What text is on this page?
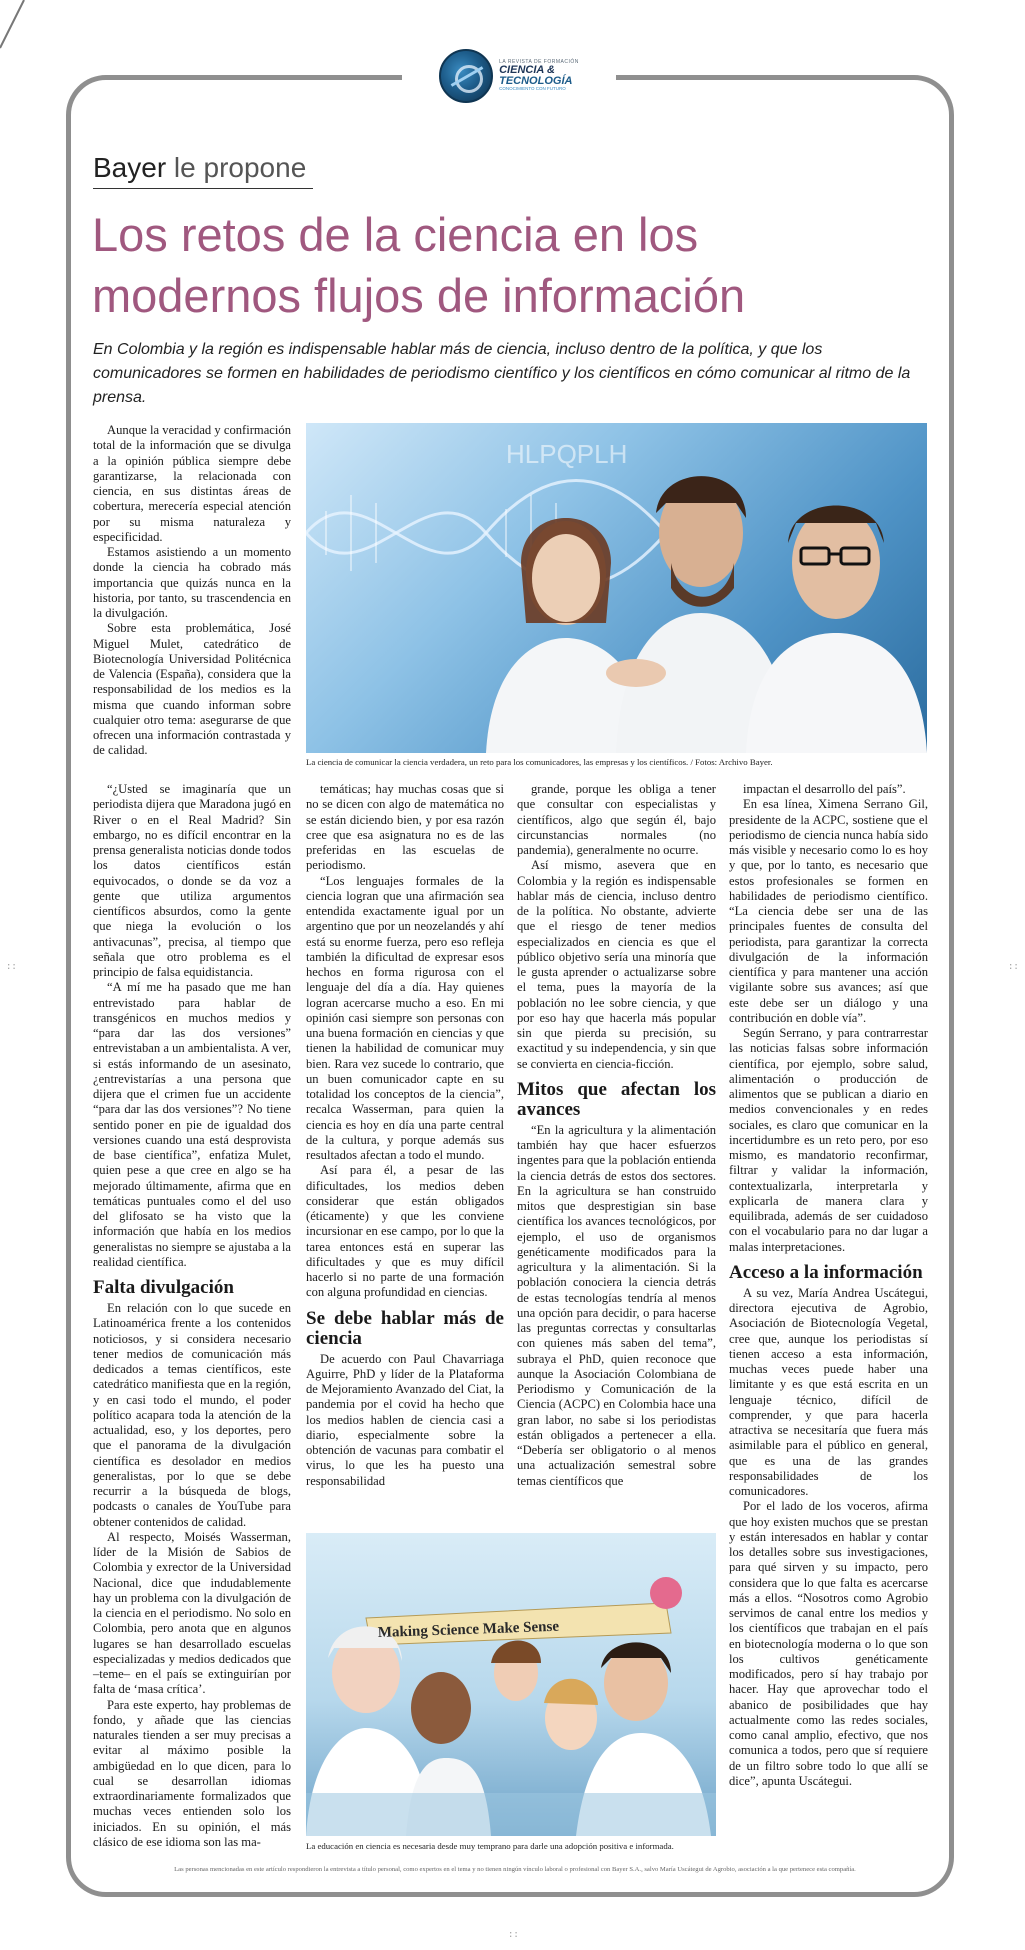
LA REVISTA DE FORMACIÓN
CIENCIA &
TECNOLOGÍA
CONOCIMIENTO CON FUTURO
Bayer le propone
Los retos de la ciencia en los modernos flujos de información

En Colombia y la región es indispensable hablar más de ciencia, incluso dentro de la política, y que los comunicadores se formen en habilidades de periodismo científico y los científicos en cómo comunicar al ritmo de la prensa.

Aunque la veracidad y confirmación total de la información que se divulga a la opinión pública siempre debe garantizarse, la relacionada con ciencia, en sus distintas áreas de cobertura, merecería especial atención por su misma naturaleza y especificidad.

Estamos asistiendo a un momento donde la ciencia ha cobrado más importancia que quizás nunca en la historia, por tanto, su trascendencia en la divulgación.

Sobre esta problemática, José Miguel Mulet, catedrático de Biotecnología Universidad Politécnica de Valencia (España), considera que la responsabilidad de los medios es la misma que cuando informan sobre cualquier otro tema: asegurarse de que ofrecen una información contrastada y de calidad.

“¿Usted se imaginaría que un periodista dijera que Maradona jugó en River o en el Real Madrid? Sin embargo, no es difícil encontrar en la prensa generalista noticias donde todos los datos científicos están equivocados, o donde se da voz a gente que utiliza argumentos científicos absurdos, como la gente que niega la evolución o los antivacunas”, precisa, al tiempo que señala que otro problema es el principio de falsa equidistancia.

“A mí me ha pasado que me han entrevistado para hablar de transgénicos en muchos medios y “para dar las dos versiones” entrevistaban a un ambientalista. A ver, si estás informando de un asesinato, ¿entrevistarías a una persona que dijera que el crimen fue un accidente “para dar las dos versiones”? No tiene sentido poner en pie de igualdad dos versiones cuando una está desprovista de base científica”, enfatiza Mulet, quien pese a que cree en algo se ha mejorado últimamente, afirma que en temáticas puntuales como el del uso del glifosato se ha visto que la información que había en los medios generalistas no siempre se ajustaba a la realidad científica.

Falta divulgación

En relación con lo que sucede en Latinoamérica frente a los contenidos noticiosos, y si considera necesario tener medios de comunicación más dedicados a temas científicos, este catedrático manifiesta que en la región, y en casi todo el mundo, el poder político acapara toda la atención de la actualidad, eso, y los deportes, pero que el panorama de la divulgación científica es desolador en medios generalistas, por lo que se debe recurrir a la búsqueda de blogs, podcasts o canales de YouTube para obtener contenidos de calidad.

Al respecto, Moisés Wasserman, líder de la Misión de Sabios de Colombia y exrector de la Universidad Nacional, dice que indudablemente hay un problema con la divulgación de la ciencia en el periodismo. No solo en Colombia, pero anota que en algunos lugares se han desarrollado escuelas especializadas y medios dedicados que –teme– en el país se extinguirían por falta de ‘masa crítica’.

Para este experto, hay problemas de fondo, y añade que las ciencias naturales tienden a ser muy precisas a evitar al máximo posible la ambigüedad en lo que dicen, para lo cual se desarrollan idiomas extraordinariamente formalizados que muchas veces entienden solo los iniciados. En su opinión, el más clásico de ese idioma son las ma-

HLPQPLH

La ciencia de comunicar la ciencia verdadera, un reto para los comunicadores, las empresas y los científicos. / Fotos: Archivo Bayer.

temáticas; hay muchas cosas que si no se dicen con algo de matemática no se están diciendo bien, y por esa razón cree que esa asignatura no es de las preferidas en las escuelas de periodismo.

“Los lenguajes formales de la ciencia logran que una afirmación sea entendida exactamente igual por un argentino que por un neozelandés y ahí está su enorme fuerza, pero eso refleja también la dificultad de expresar esos hechos en forma rigurosa con el lenguaje del día a día. Hay quienes logran acercarse mucho a eso. En mi opinión casi siempre son personas con una buena formación en ciencias y que tienen la habilidad de comunicar muy bien. Rara vez sucede lo contrario, que un buen comunicador capte en su totalidad los conceptos de la ciencia”, recalca Wasserman, para quien la ciencia es hoy en día una parte central de la cultura, y porque además sus resultados afectan a todo el mundo.

Así para él, a pesar de las dificultades, los medios deben considerar que están obligados (éticamente) y que les conviene incursionar en ese campo, por lo que la tarea entonces está en superar las dificultades y que es muy difícil hacerlo si no parte de una formación con alguna profundidad en ciencias.

Se debe hablar más de ciencia

De acuerdo con Paul Chavarriaga Aguirre, PhD y líder de la Plataforma de Mejoramiento Avanzado del Ciat, la pandemia por el covid ha hecho que los medios hablen de ciencia casi a diario, especialmente sobre la obtención de vacunas para combatir el virus, lo que les ha puesto una responsabilidad

grande, porque les obliga a tener que consultar con especialistas y científicos, algo que según él, bajo circunstancias normales (no pandemia), generalmente no ocurre.

Así mismo, asevera que en Colombia y la región es indispensable hablar más de ciencia, incluso dentro de la política. No obstante, advierte que el riesgo de tener medios especializados en ciencia es que el público objetivo sería una minoría que le gusta aprender o actualizarse sobre el tema, pues la mayoría de la población no lee sobre ciencia, y que por eso hay que hacerla más popular sin que pierda su precisión, su exactitud y su independencia, y sin que se convierta en ciencia-ficción.

Mitos que afectan los avances

“En la agricultura y la alimentación también hay que hacer esfuerzos ingentes para que la población entienda la ciencia detrás de estos dos sectores. En la agricultura se han construido mitos que desprestigian sin base científica los avances tecnológicos, por ejemplo, el uso de organismos genéticamente modificados para la agricultura y la alimentación. Si la población conociera la ciencia detrás de estas tecnologías tendría al menos una opción para decidir, o para hacerse las preguntas correctas y consultarlas con quienes más saben del tema”, subraya el PhD, quien reconoce que aunque la Asociación Colombiana de Periodismo y Comunicación de la Ciencia (ACPC) en Colombia hace una gran labor, no sabe si los periodistas están obligados a pertenecer a ella. “Debería ser obligatorio o al menos una actualización semestral sobre temas científicos que

impactan el desarrollo del país”.

En esa línea, Ximena Serrano Gil, presidente de la ACPC, sostiene que el periodismo de ciencia nunca había sido más visible y necesario como lo es hoy y que, por lo tanto, es necesario que estos profesionales se formen en habilidades de periodismo científico. “La ciencia debe ser una de las principales fuentes de consulta del periodista, para garantizar la correcta divulgación de la información científica y para mantener una acción vigilante sobre sus avances; así que este debe ser un diálogo y una contribución en doble vía”.

Según Serrano, y para contrarrestar las noticias falsas sobre información científica, por ejemplo, sobre salud, alimentación o producción de alimentos que se publican a diario en medios convencionales y en redes sociales, es claro que comunicar en la incertidumbre es un reto pero, por eso mismo, es mandatorio reconfirmar, filtrar y validar la información, contextualizarla, interpretarla y explicarla de manera clara y equilibrada, además de ser cuidadoso con el vocabulario para no dar lugar a malas interpretaciones.

Acceso a la información

A su vez, María Andrea Uscátegui, directora ejecutiva de Agrobio, Asociación de Biotecnología Vegetal, cree que, aunque los periodistas sí tienen acceso a esta información, muchas veces puede haber una limitante y es que está escrita en un lenguaje técnico, difícil de comprender, y que para hacerla atractiva se necesitaría que fuera más asimilable para el público en general, que es una de las grandes responsabilidades de los comunicadores.

Por el lado de los voceros, afirma que hoy existen muchos que se prestan y están interesados en hablar y contar los detalles sobre sus investigaciones, para qué sirven y su impacto, pero considera que lo que falta es acercarse más a ellos. “Nosotros como Agrobio servimos de canal entre los medios y los científicos que trabajan en el país en biotecnología moderna o lo que son los cultivos genéticamente modificados, pero sí hay trabajo por hacer. Hay que aprovechar todo el abanico de posibilidades que hay actualmente como las redes sociales, como canal amplio, efectivo, que nos comunica a todos, pero que sí requiere de un filtro sobre todo lo que allí se dice”, apunta Uscátegui.

Making Science Make Sense

La educación en ciencia es necesaria desde muy temprano para darle una adopción positiva e informada.

Las personas mencionadas en este artículo respondieron la entrevista a título personal, como expertos en el tema y no tienen ningún vínculo laboral o profesional con Bayer S.A., salvo María Uscátegui de Agrobio, asociación a la que pertenece esta compañía.

::	::
::
